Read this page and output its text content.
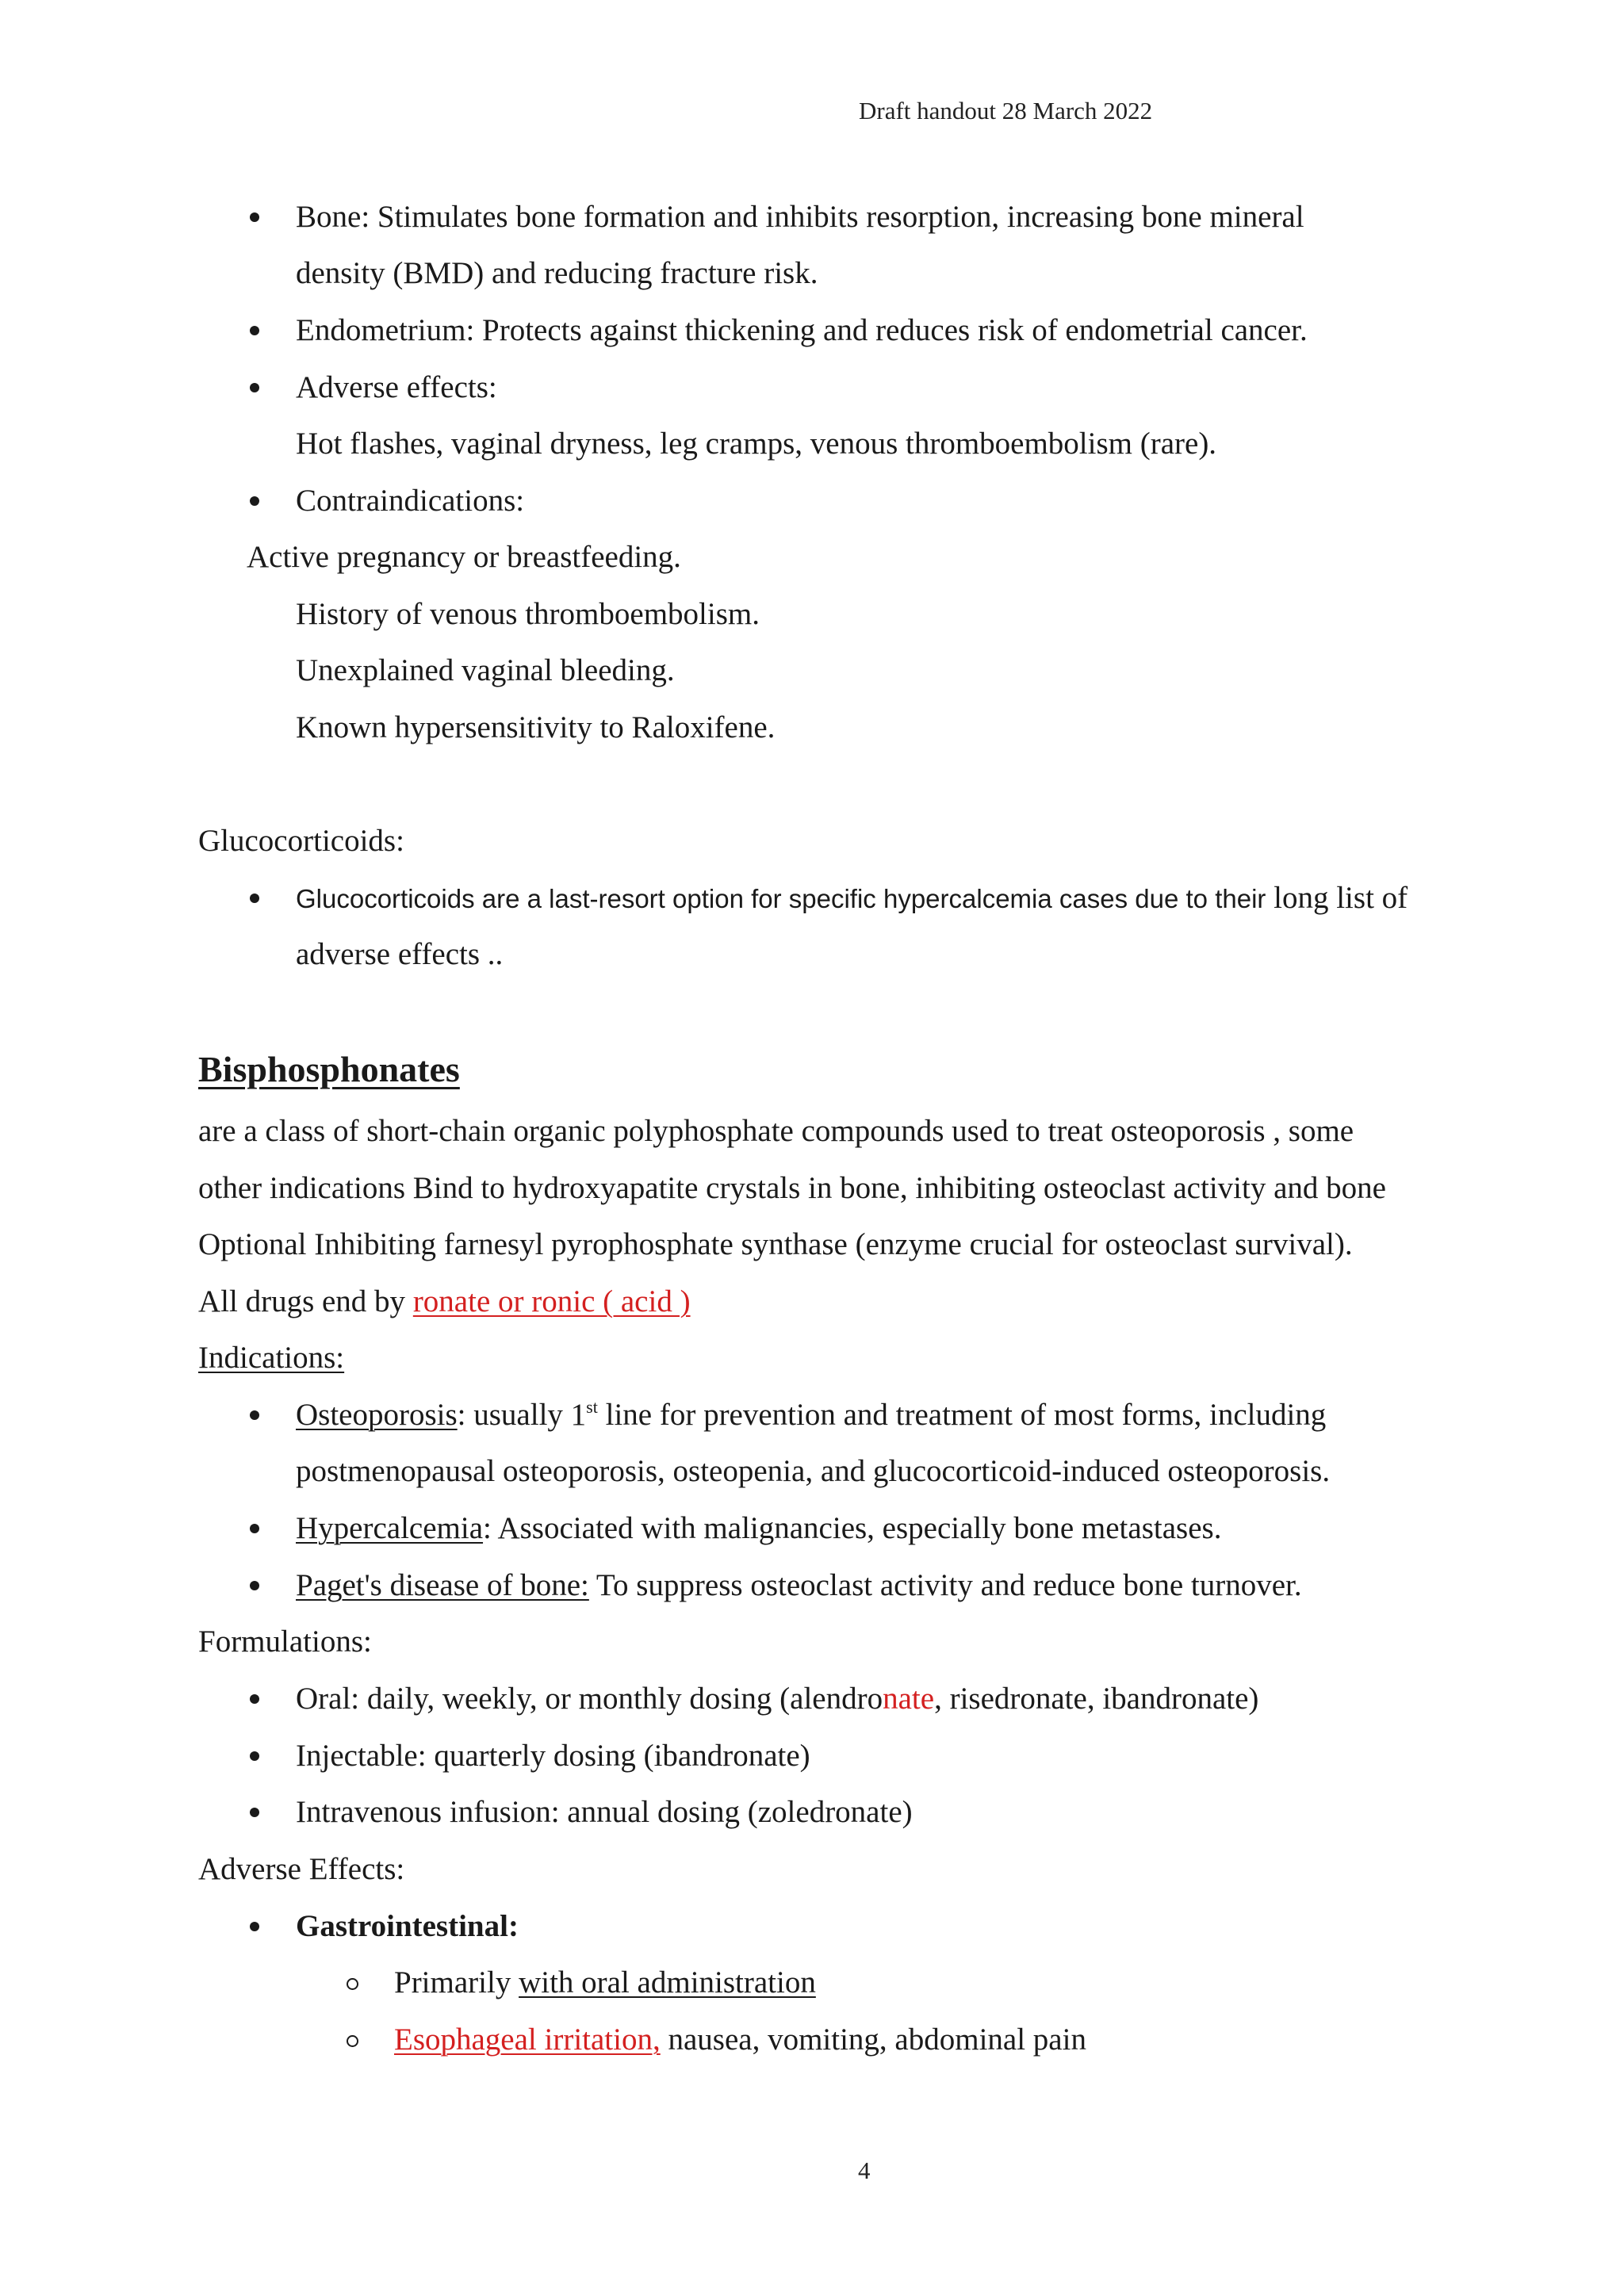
Draft handout 28 March 2022
Bone: Stimulates bone formation and inhibits resorption, increasing bone mineral
density (BMD) and reducing fracture risk.
Endometrium: Protects against thickening and reduces risk of endometrial cancer.
Adverse effects:
Hot flashes, vaginal dryness, leg cramps, venous thromboembolism (rare).
Contraindications:
Active pregnancy or breastfeeding.
History of venous thromboembolism.
Unexplained vaginal bleeding.
Known hypersensitivity to Raloxifene.
Glucocorticoids:
Glucocorticoids are a last-resort option for specific hypercalcemia cases due to their long list of
adverse effects ..
Bisphosphonates
are a class of short-chain organic polyphosphate compounds used to treat osteoporosis , some
other indications Bind to hydroxyapatite crystals in bone, inhibiting osteoclast activity and bone
Optional Inhibiting farnesyl pyrophosphate synthase (enzyme crucial for osteoclast survival).
All drugs end by ronate or ronic ( acid )
Indications:
Osteoporosis: usually 1st line for prevention and treatment of most forms, including
postmenopausal osteoporosis, osteopenia, and glucocorticoid-induced osteoporosis.
Hypercalcemia: Associated with malignancies, especially bone metastases.
Paget's disease of bone: To suppress osteoclast activity and reduce bone turnover.
Formulations:
Oral: daily, weekly, or monthly dosing (alendronate, risedronate, ibandronate)
Injectable: quarterly dosing (ibandronate)
Intravenous infusion: annual dosing (zoledronate)
Adverse Effects:
Gastrointestinal:
Primarily with oral administration
Esophageal irritation, nausea, vomiting, abdominal pain
4
